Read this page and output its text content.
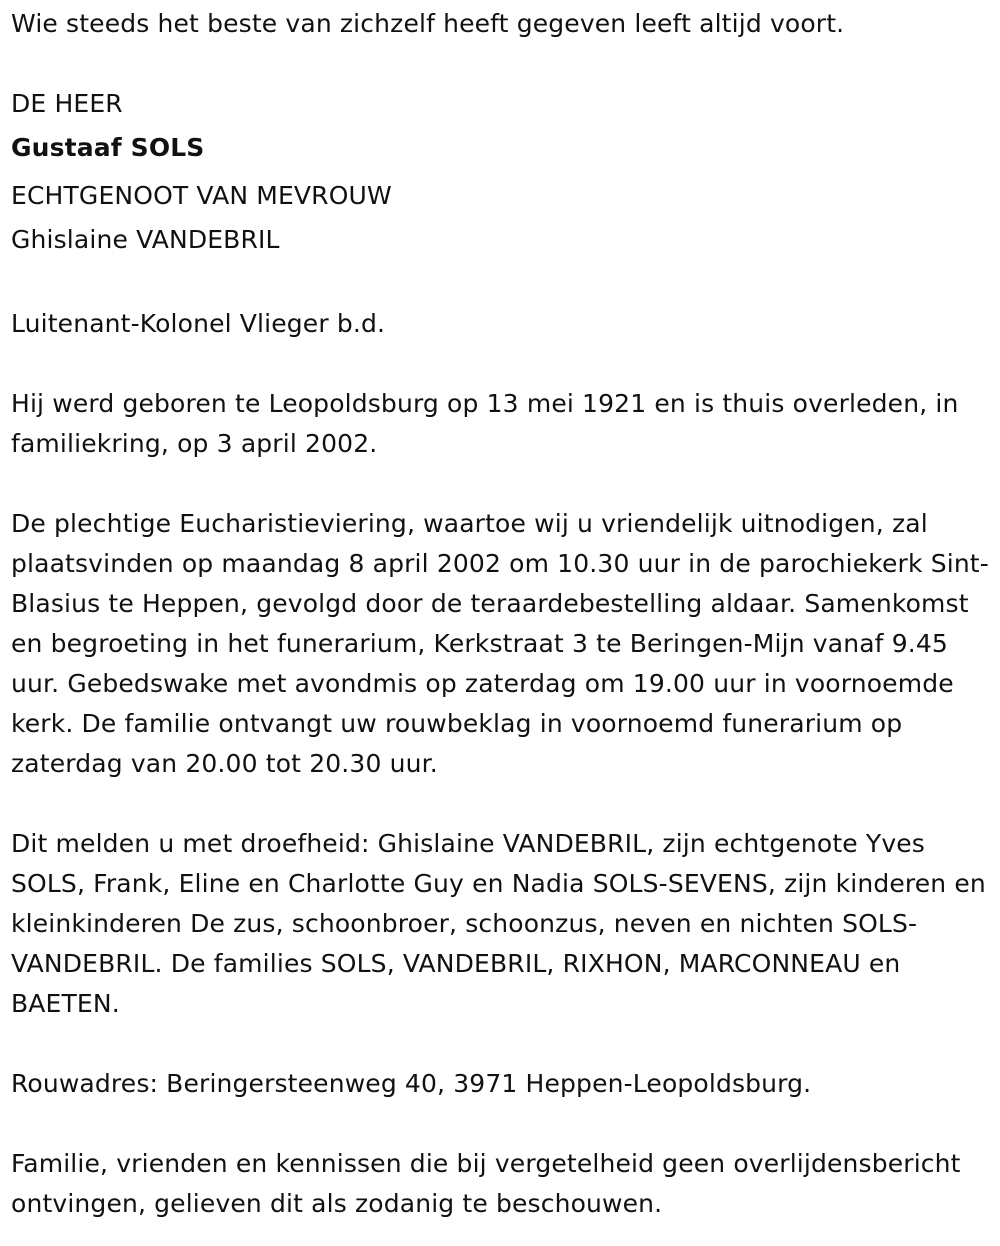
Wie steeds het beste van zichzelf heeft gegeven leeft altijd voort.

DE HEER

Gustaaf SOLS

ECHTGENOOT VAN MEVROUW

Ghislaine VANDEBRIL

Luitenant-Kolonel Vlieger b.d.

Hij werd geboren te Leopoldsburg op 13 mei 1921 en is thuis overleden, in familiekring, op 3 april 2002.

De plechtige Eucharistieviering, waartoe wij u vriendelijk uitnodigen, zal plaatsvinden op maandag 8 april 2002 om 10.30 uur in de parochiekerk Sint-Blasius te Heppen, gevolgd door de teraardebestelling aldaar. Samenkomst en begroeting in het funerarium, Kerkstraat 3 te Beringen-Mijn vanaf 9.45 uur. Gebedswake met avondmis op zaterdag om 19.00 uur in voornoemde kerk. De familie ontvangt uw rouwbeklag in voornoemd funerarium op zaterdag van 20.00 tot 20.30 uur.

Dit melden u met droefheid: Ghislaine VANDEBRIL, zijn echtgenote Yves SOLS, Frank, Eline en Charlotte Guy en Nadia SOLS-SEVENS, zijn kinderen en kleinkinderen De zus, schoonbroer, schoonzus, neven en nichten SOLS-VANDEBRIL. De families SOLS, VANDEBRIL, RIXHON, MARCONNEAU en BAETEN.

Rouwadres: Beringersteenweg 40, 3971 Heppen-Leopoldsburg.

Familie, vrienden en kennissen die bij vergetelheid geen overlijdensbericht ontvingen, gelieven dit als zodanig te beschouwen.
